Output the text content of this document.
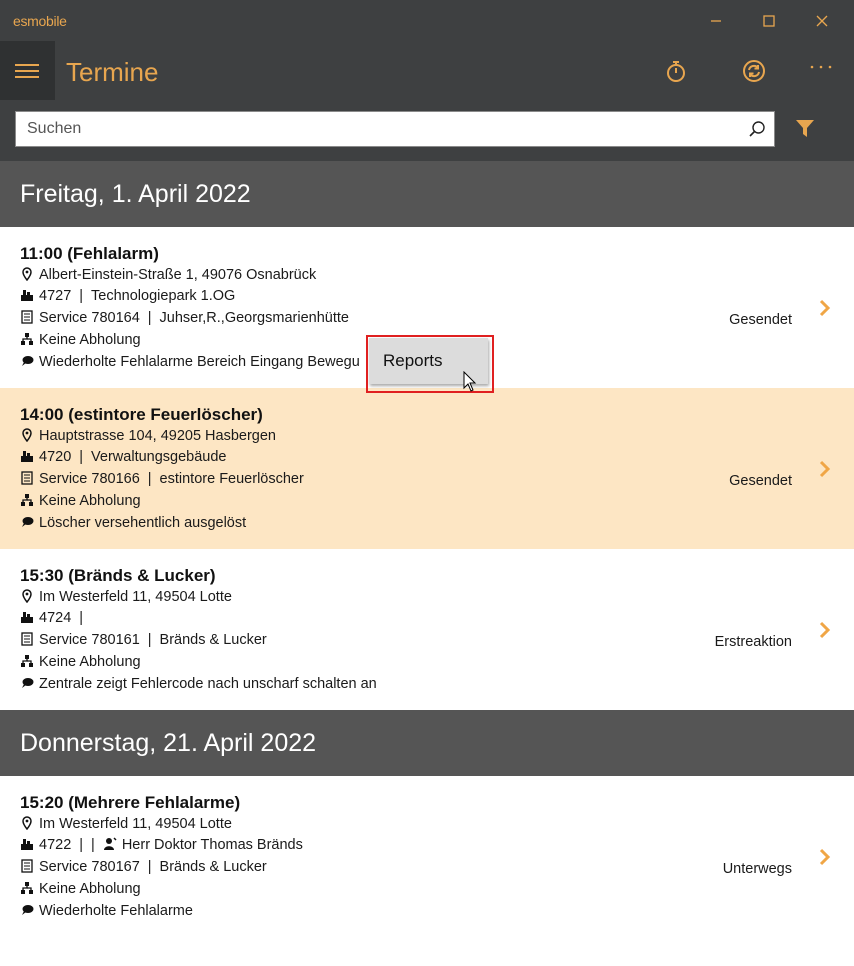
esmobile
Termine
Suchen
Freitag, 1. April 2022
11:00 (Fehlalarm)
Albert-Einstein-Straße 1, 49076 Osnabrück
4727 | Technologiepark 1.OG
Service 780164 | Juhser,R.,Georgsmarienhütte
Keine Abholung
Wiederholte Fehlalarme Bereich Eingang Bewegu
Gesendet
14:00 (estintore Feuerlöscher)
Hauptstrasse 104, 49205 Hasbergen
4720 | Verwaltungsgebäude
Service 780166 | estintore Feuerlöscher
Keine Abholung
Löscher versehentlich ausgelöst
Gesendet
15:30 (Bränds & Lucker)
Im Westerfeld 11, 49504 Lotte
4724 |
Service 780161 | Bränds & Lucker
Keine Abholung
Zentrale zeigt Fehlercode nach unscharf schalten an
Erstreaktion
Donnerstag, 21. April 2022
15:20 (Mehrere Fehlalarme)
Im Westerfeld 11, 49504 Lotte
4722 | | Herr Doktor Thomas Bränds
Service 780167 | Bränds & Lucker
Keine Abholung
Wiederholte Fehlalarme
Unterwegs
Reports
